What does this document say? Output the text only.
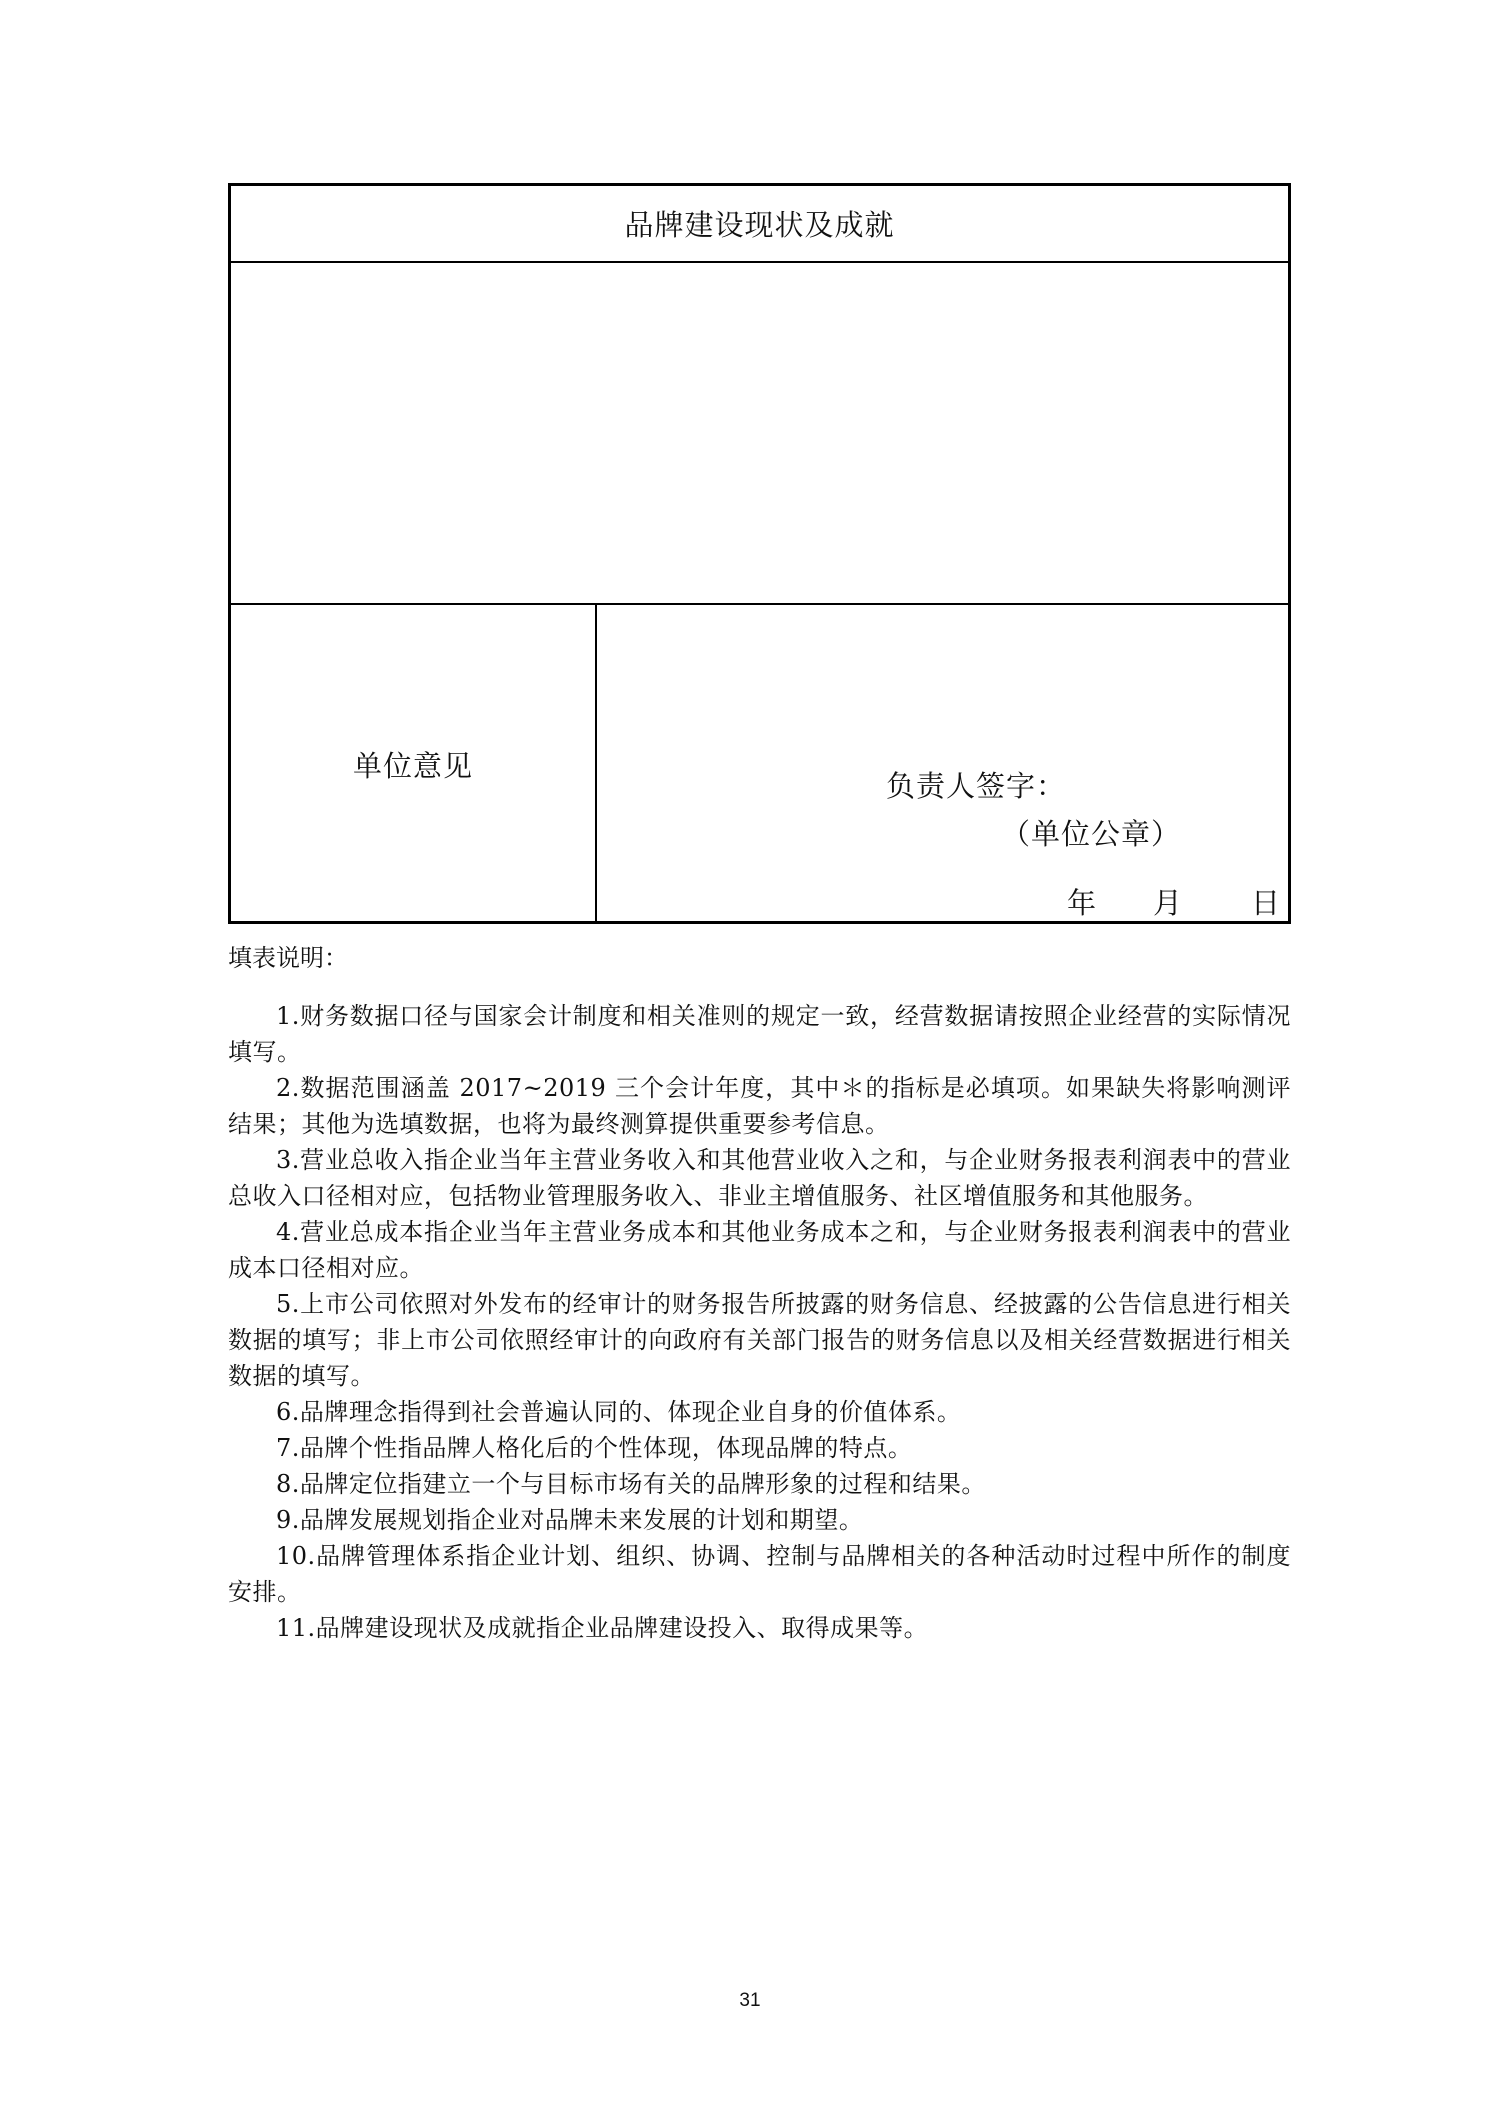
品牌建设现状及成就
单位意见
负责人签字：
（单位公章）
年 月 日

填表说明：

1.财务数据口径与国家会计制度和相关准则的规定一致，经营数据请按照企业经营的实际情况填写。

2.数据范围涵盖 2017~2019 三个会计年度，其中＊的指标是必填项。如果缺失将影响测评结果；其他为选填数据，也将为最终测算提供重要参考信息。

3.营业总收入指企业当年主营业务收入和其他营业收入之和，与企业财务报表利润表中的营业总收入口径相对应，包括物业管理服务收入、非业主增值服务、社区增值服务和其他服务。

4.营业总成本指企业当年主营业务成本和其他业务成本之和，与企业财务报表利润表中的营业成本口径相对应。

5.上市公司依照对外发布的经审计的财务报告所披露的财务信息、经披露的公告信息进行相关数据的填写；非上市公司依照经审计的向政府有关部门报告的财务信息以及相关经营数据进行相关数据的填写。

6.品牌理念指得到社会普遍认同的、体现企业自身的价值体系。

7.品牌个性指品牌人格化后的个性体现，体现品牌的特点。

8.品牌定位指建立一个与目标市场有关的品牌形象的过程和结果。

9.品牌发展规划指企业对品牌未来发展的计划和期望。

10.品牌管理体系指企业计划、组织、协调、控制与品牌相关的各种活动时过程中所作的制度安排。

11.品牌建设现状及成就指企业品牌建设投入、取得成果等。

31
